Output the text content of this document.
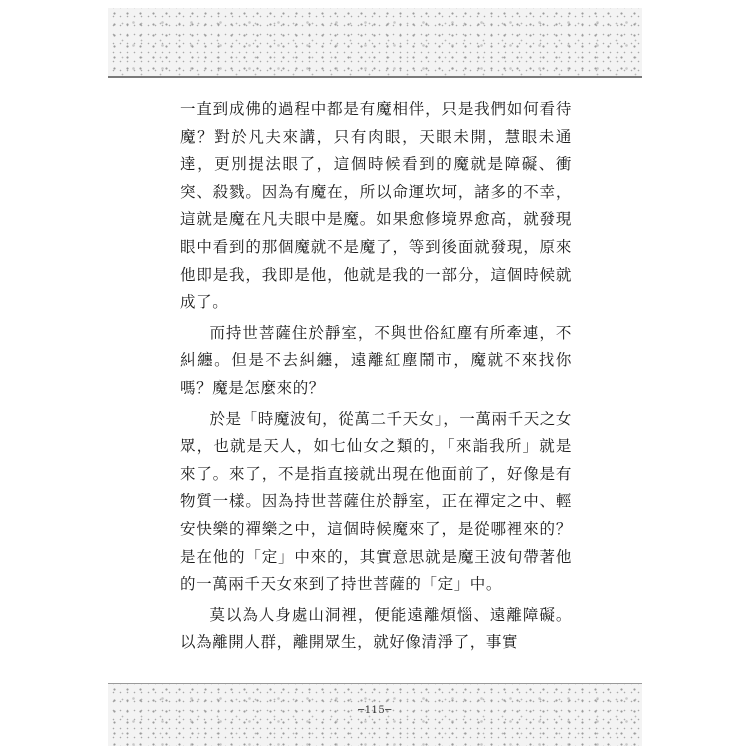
一直到成佛的過程中都是有魔相伴，只是我們如何看待魔？對於凡夫來講，只有肉眼，天眼未開，慧眼未通達，更別提法眼了，這個時候看到的魔就是障礙、衝突、殺戮。因為有魔在，所以命運坎坷，諸多的不幸，這就是魔在凡夫眼中是魔。如果愈修境界愈高，就發現眼中看到的那個魔就不是魔了，等到後面就發現，原來他即是我，我即是他，他就是我的一部分，這個時候就成了。

而持世菩薩住於靜室，不與世俗紅塵有所牽連，不糾纏。但是不去糾纏，遠離紅塵鬧市，魔就不來找你嗎？魔是怎麼來的？

於是「時魔波旬，從萬二千天女」，一萬兩千天之女眾，也就是天人，如七仙女之類的，「來詣我所」就是來了。來了，不是指直接就出現在他面前了，好像是有物質一樣。因為持世菩薩住於靜室，正在禪定之中、輕安快樂的禪樂之中，這個時候魔來了，是從哪裡來的？是在他的「定」中來的，其實意思就是魔王波旬帶著他的一萬兩千天女來到了持世菩薩的「定」中。

莫以為人身處山洞裡，便能遠離煩惱、遠離障礙。以為離開人群，離開眾生，就好像清淨了，事實

─115─
